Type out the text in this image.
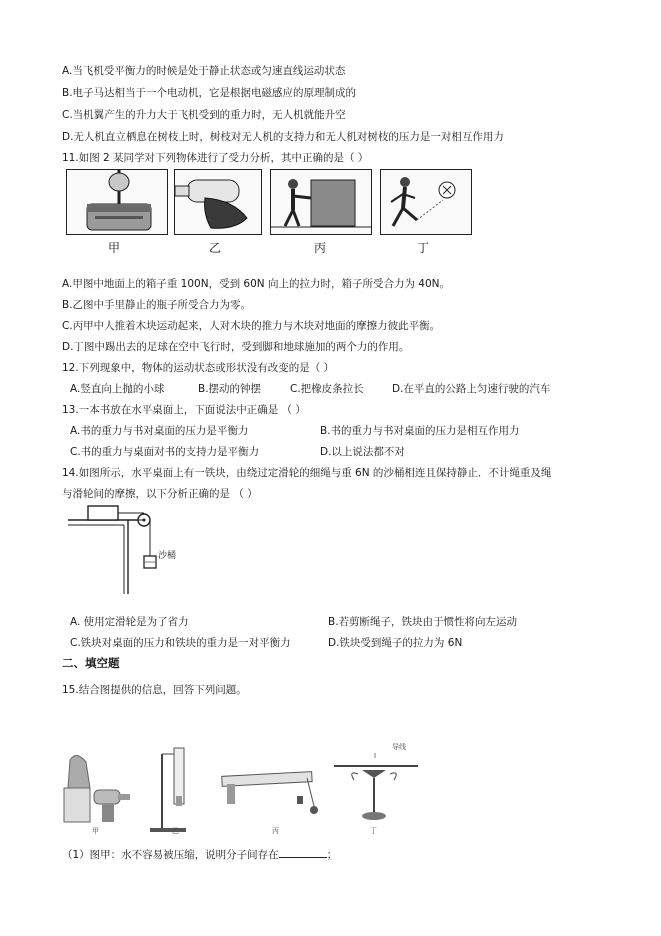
A.当飞机受平衡力的时候是处于静止状态或匀速直线运动状态
B.电子马达相当于一个电动机，它是根据电磁感应的原理制成的
C.当机翼产生的升力大于飞机受到的重力时，无人机就能升空
D.无人机直立栖息在树枝上时，树枝对无人机的支持力和无人机对树枝的压力是一对相互作用力
11.如图 2 某同学对下列物体进行了受力分析，其中正确的是（ ）
甲	乙	丙	丁
A.甲图中地面上的箱子重 100N，受到 60N 向上的拉力时，箱子所受合力为 40N。
B.乙图中手里静止的瓶子所受合力为零。
C.丙甲中人推着木块运动起来，人对木块的推力与木块对地面的摩擦力彼此平衡。
D.丁图中踢出去的足球在空中飞行时，受到脚和地球施加的两个力的作用。
12.下列现象中，物体的运动状态或形状没有改变的是（ ）
A.竖直向上抛的小球	B.摆动的钟摆	C.把橡皮条拉长	D.在平直的公路上匀速行驶的汽车
13.一本书放在水平桌面上，下面说法中正确是 （ ）
A.书的重力与书对桌面的压力是平衡力	B.书的重力与书对桌面的压力是相互作用力
C.书的重力与桌面对书的支持力是平衡力	D.以上说法都不对
14.如图所示，水平桌面上有一铁块，由绕过定滑轮的细绳与重 6N 的沙桶相连且保持静止．不计绳重及绳
与滑轮间的摩擦，以下分析正确的是 （ ）
沙桶
A. 使用定滑轮是为了省力	B.若剪断绳子，铁块由于惯性将向左运动
C.铁块对桌面的压力和铁块的重力是一对平衡力	D.铁块受到绳子的拉力为 6N
二、填空题
15.结合图提供的信息，回答下列问题。
导线
I
甲	乙	丙	丁
（1）图甲：水不容易被压缩，说明分子间存在	；
